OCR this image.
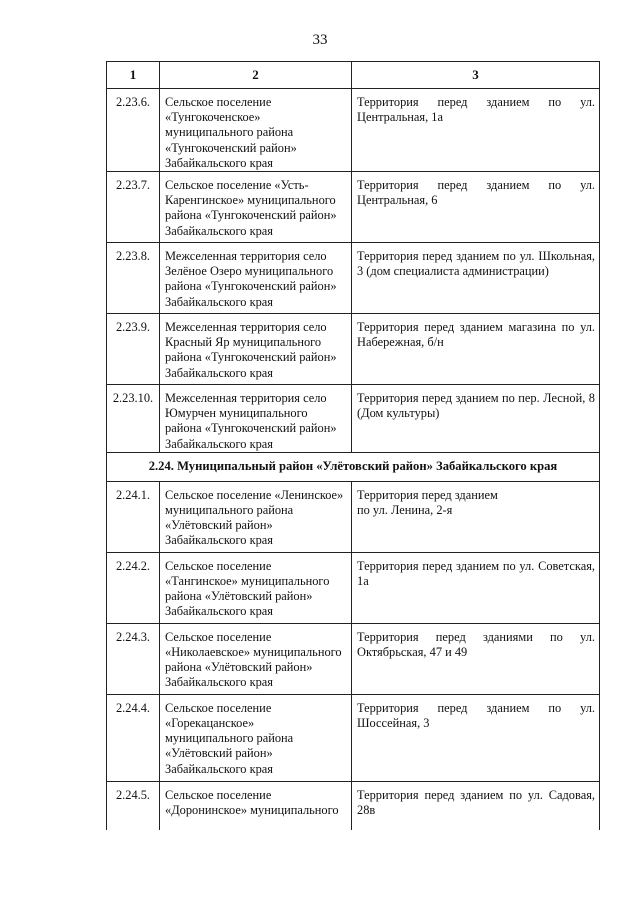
33
1	2	3
2.23.6.	Сельское поселение
«Тунгокоченское»
муниципального района
«Тунгокоченский район»
Забайкальского края	Территория перед зданием по ул. Центральная, 1а
2.23.7.	Сельское поселение «Усть-
Каренгинское» муниципального
района «Тунгокоченский район»
Забайкальского края	Территория перед зданием по ул. Центральная, 6
2.23.8.	Межселенная территория село
Зелёное Озеро муниципального
района «Тунгокоченский район»
Забайкальского края	Территория перед зданием по ул. Школьная, 3 (дом специалиста администрации)
2.23.9.	Межселенная территория село
Красный Яр муниципального
района «Тунгокоченский район»
Забайкальского края	Территория перед зданием магазина по ул. Набережная, б/н
2.23.10.	Межселенная территория село
Юмурчен муниципального
района «Тунгокоченский район»
Забайкальского края	Территория перед зданием по пер. Лесной, 8 (Дом культуры)
2.24. Муниципальный район «Улётовский район» Забайкальского края		
2.24.1.	Сельское поселение «Ленинское»
муниципального района
«Улётовский район»
Забайкальского края	Территория перед зданием
по ул. Ленина, 2-я

2.24.2.	Сельское поселение
«Тангинское» муниципального
района «Улётовский район»
Забайкальского края	Территория перед зданием по ул. Советская, 1а
2.24.3.	Сельское поселение
«Николаевское» муниципального
района «Улётовский район»
Забайкальского края	Территория перед зданиями по ул. Октябрьская, 47 и 49
2.24.4.	Сельское поселение
«Горекацанское»
муниципального района
«Улётовский район»
Забайкальского края	Территория перед зданием по ул. Шоссейная, 3
2.24.5.	Сельское поселение
«Доронинское» муниципального	Территория перед зданием по ул. Садовая, 28в
